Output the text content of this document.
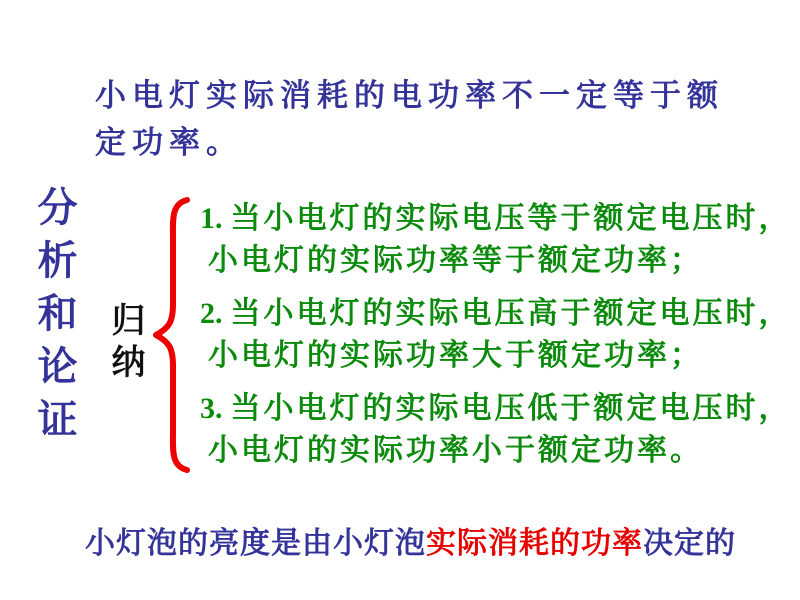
小电灯实际消耗的电功率不一定等于额
定功率。
分析和论证 归纳
1. 当小电灯的实际电压等于额定电压时，
小电灯的实际功率等于额定功率；
2. 当小电灯的实际电压高于额定电压时，
小电灯的实际功率大于额定功率；
3. 当小电灯的实际电压低于额定电压时，
小电灯的实际功率小于额定功率。
小灯泡的亮度是由小灯泡实际消耗的功率决定的
